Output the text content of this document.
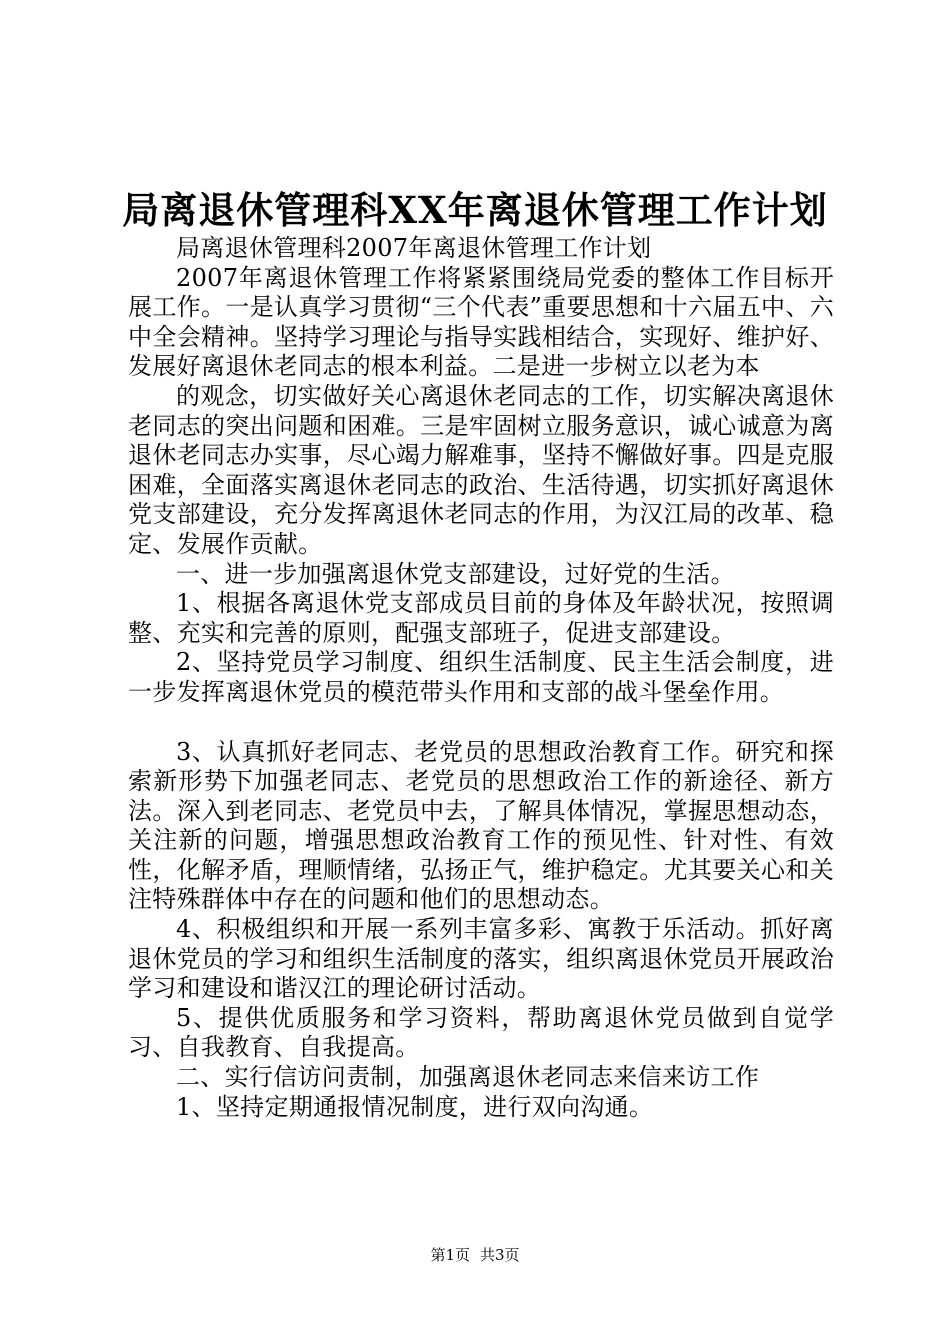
局离退休管理科XX年离退休管理工作计划

局离退休管理科2007年离退休管理工作计划

2007年离退休管理工作将紧紧围绕局党委的整体工作目标开展工作。一是认真学习贯彻“三个代表”重要思想和十六届五中、六中全会精神。坚持学习理论与指导实践相结合，实现好、维护好、发展好离退休老同志的根本利益。二是进一步树立以老为本

的观念，切实做好关心离退休老同志的工作，切实解决离退休老同志的突出问题和困难。三是牢固树立服务意识，诚心诚意为离退休老同志办实事，尽心竭力解难事，坚持不懈做好事。四是克服困难，全面落实离退休老同志的政治、生活待遇，切实抓好离退休党支部建设，充分发挥离退休老同志的作用，为汉江局的改革、稳定、发展作贡献。

一、进一步加强离退休党支部建设，过好党的生活。

1、根据各离退休党支部成员目前的身体及年龄状况，按照调整、充实和完善的原则，配强支部班子，促进支部建设。

2、坚持党员学习制度、组织生活制度、民主生活会制度，进一步发挥离退休党员的模范带头作用和支部的战斗堡垒作用。

3、认真抓好老同志、老党员的思想政治教育工作。研究和探索新形势下加强老同志、老党员的思想政治工作的新途径、新方法。深入到老同志、老党员中去，了解具体情况，掌握思想动态，关注新的问题，增强思想政治教育工作的预见性、针对性、有效性，化解矛盾，理顺情绪，弘扬正气，维护稳定。尤其要关心和关注特殊群体中存在的问题和他们的思想动态。

4、积极组织和开展一系列丰富多彩、寓教于乐活动。抓好离退休党员的学习和组织生活制度的落实，组织离退休党员开展政治学习和建设和谐汉江的理论研讨活动。

5、提供优质服务和学习资料，帮助离退休党员做到自觉学习、自我教育、自我提高。

二、实行信访问责制，加强离退休老同志来信来访工作

1、坚持定期通报情况制度，进行双向沟通。

第1页 共3页
